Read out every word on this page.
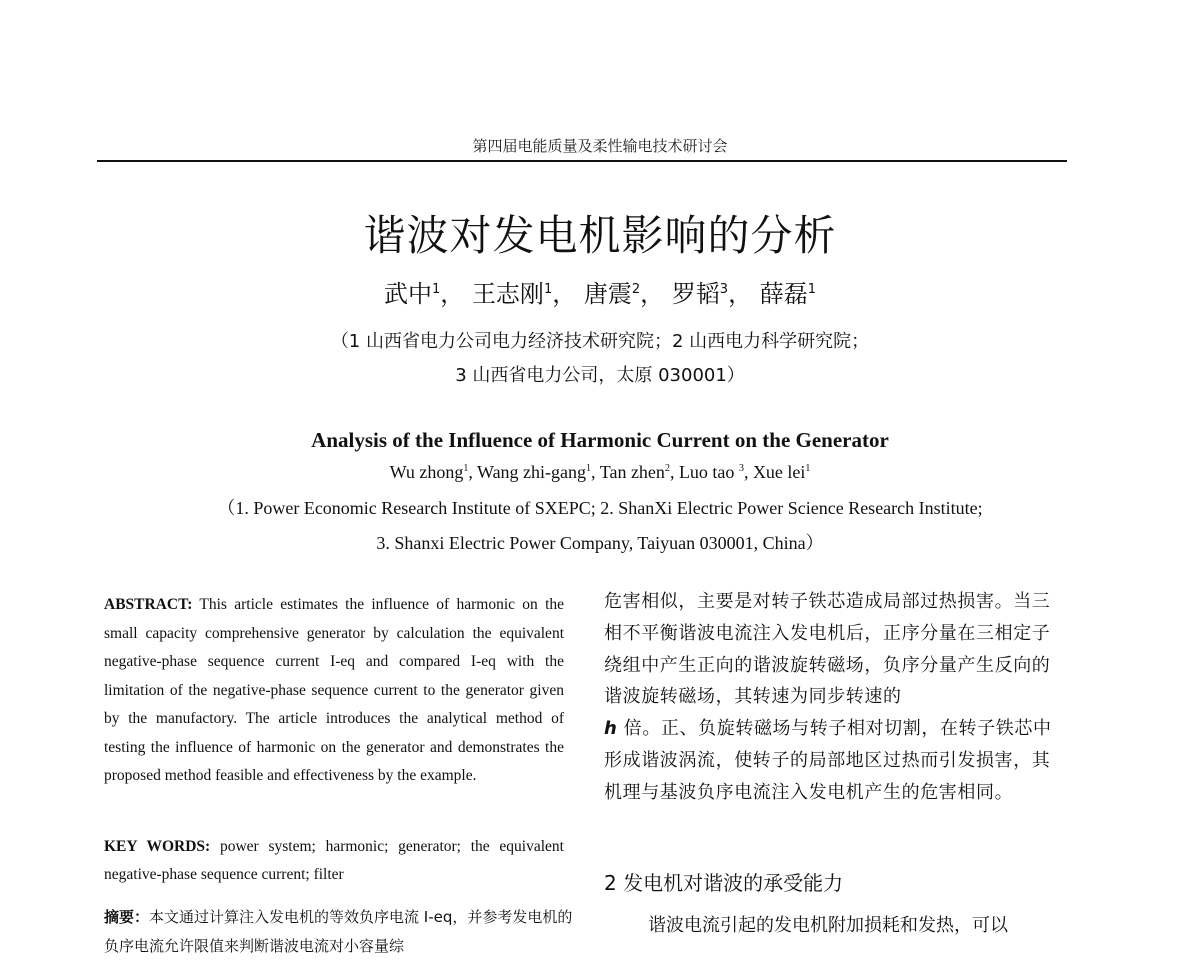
第四届电能质量及柔性输电技术研讨会
谐波对发电机影响的分析
武中$^1$， 王志刚$^1$， 唐震$^2$， 罗韬$^3$， 薛磊$^1$
（1 山西省电力公司电力经济技术研究院；2 山西电力科学研究院；
3 山西省电力公司，太原 030001）
Analysis of the Influence of Harmonic Current on the Generator
Wu zhong$^1$, Wang zhi-gang$^1$, Tan zhen$^2$, Luo tao $^3$, Xue lei$^1$
（1. Power Economic Research Institute of SXEPC; 2. ShanXi Electric Power Science Research Institute;
3. Shanxi Electric Power Company, Taiyuan 030001, China）
ABSTRACT: This article estimates the influence of harmonic on the small capacity comprehensive generator by calculation the equivalent negative-phase sequence current I-eq and compared I-eq with the limitation of the negative-phase sequence current to the generator given by the manufactory. The article introduces the analytical method of testing the influence of harmonic on the generator and demonstrates the proposed method feasible and effectiveness by the example.
KEY WORDS: power system; harmonic; generator; the equivalent negative-phase sequence current; filter
摘要：本文通过计算注入发电机的等效负序电流 I-eq，并参考发电机的负序电流允许限值来判断谐波电流对小容量综
危害相似，主要是对转子铁芯造成局部过热损害。当三相不平衡谐波电流注入发电机后，正序分量在三相定子绕组中产生正向的谐波旋转磁场，负序分量产生反向的谐波旋转磁场，其转速为同步转速的
h 倍。正、负旋转磁场与转子相对切割，在转子铁芯中形成谐波涡流，使转子的局部地区过热而引发损害，其机理与基波负序电流注入发电机产生的危害相同。
2 发电机对谐波的承受能力
谐波电流引起的发电机附加损耗和发热，可以
